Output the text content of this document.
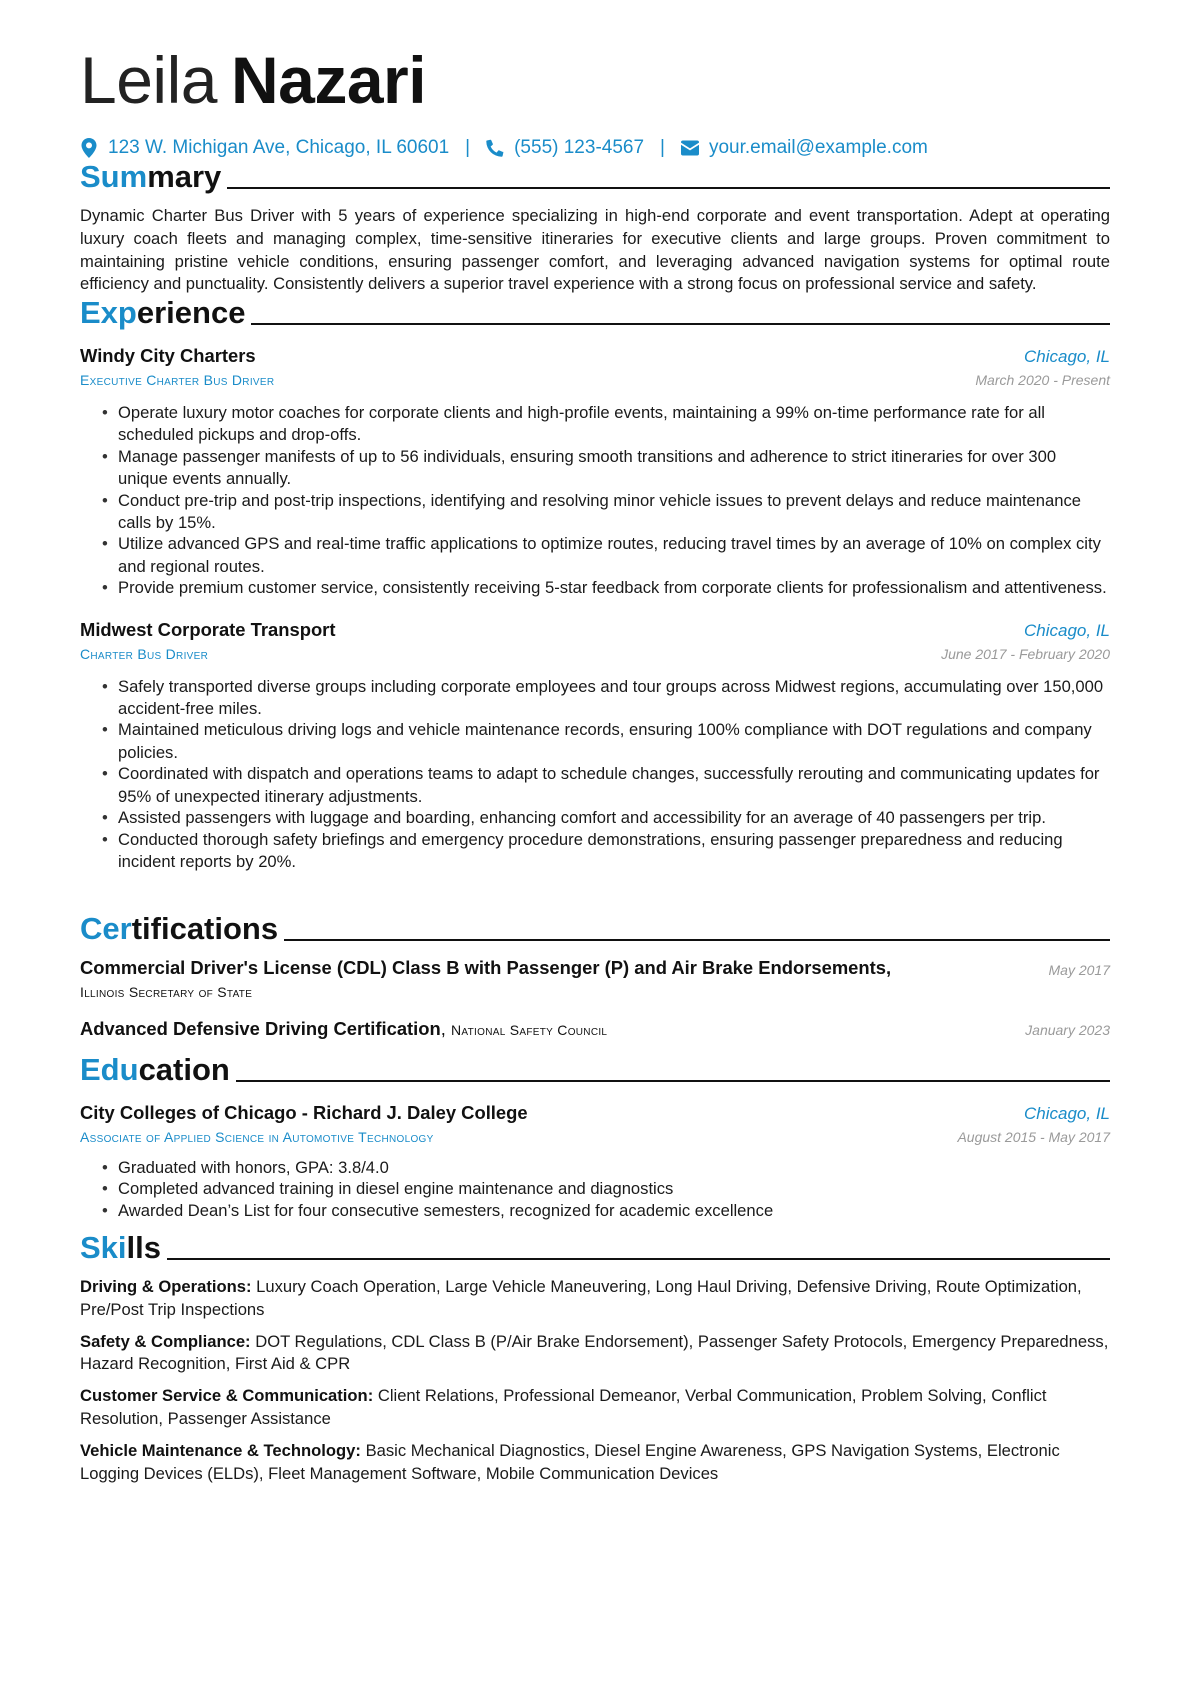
Leila Nazari
123 W. Michigan Ave, Chicago, IL 60601 | (555) 123-4567 | your.email@example.com
Summary
Dynamic Charter Bus Driver with 5 years of experience specializing in high-end corporate and event transportation. Adept at operating luxury coach fleets and managing complex, time-sensitive itineraries for executive clients and large groups. Proven commitment to maintaining pristine vehicle conditions, ensuring passenger comfort, and leveraging advanced navigation systems for optimal route efficiency and punctuality. Consistently delivers a superior travel experience with a strong focus on professional service and safety.
Experience
Windy City Charters	Chicago, IL
Executive Charter Bus Driver	March 2020 - Present
• Operate luxury motor coaches for corporate clients and high-profile events, maintaining a 99% on-time performance rate for all scheduled pickups and drop-offs.
• Manage passenger manifests of up to 56 individuals, ensuring smooth transitions and adherence to strict itineraries for over 300 unique events annually.
• Conduct pre-trip and post-trip inspections, identifying and resolving minor vehicle issues to prevent delays and reduce maintenance calls by 15%.
• Utilize advanced GPS and real-time traffic applications to optimize routes, reducing travel times by an average of 10% on complex city and regional routes.
• Provide premium customer service, consistently receiving 5-star feedback from corporate clients for professionalism and attentiveness.
Midwest Corporate Transport	Chicago, IL
Charter Bus Driver	June 2017 - February 2020
• Safely transported diverse groups including corporate employees and tour groups across Midwest regions, accumulating over 150,000 accident-free miles.
• Maintained meticulous driving logs and vehicle maintenance records, ensuring 100% compliance with DOT regulations and company policies.
• Coordinated with dispatch and operations teams to adapt to schedule changes, successfully rerouting and communicating updates for 95% of unexpected itinerary adjustments.
• Assisted passengers with luggage and boarding, enhancing comfort and accessibility for an average of 40 passengers per trip.
• Conducted thorough safety briefings and emergency procedure demonstrations, ensuring passenger preparedness and reducing incident reports by 20%.
Certifications
Commercial Driver's License (CDL) Class B with Passenger (P) and Air Brake Endorsements,
Illinois Secretary of State
May 2017
Advanced Defensive Driving Certification, National Safety Council	January 2023
Education
City Colleges of Chicago - Richard J. Daley College	Chicago, IL
Associate of Applied Science in Automotive Technology	August 2015 - May 2017
• Graduated with honors, GPA: 3.8/4.0
• Completed advanced training in diesel engine maintenance and diagnostics
• Awarded Dean’s List for four consecutive semesters, recognized for academic excellence
Skills
Driving & Operations: Luxury Coach Operation, Large Vehicle Maneuvering, Long Haul Driving, Defensive Driving, Route Optimization, Pre/Post Trip Inspections
Safety & Compliance: DOT Regulations, CDL Class B (P/Air Brake Endorsement), Passenger Safety Protocols, Emergency Preparedness, Hazard Recognition, First Aid & CPR
Customer Service & Communication: Client Relations, Professional Demeanor, Verbal Communication, Problem Solving, Conflict Resolution, Passenger Assistance
Vehicle Maintenance & Technology: Basic Mechanical Diagnostics, Diesel Engine Awareness, GPS Navigation Systems, Electronic Logging Devices (ELDs), Fleet Management Software, Mobile Communication Devices
